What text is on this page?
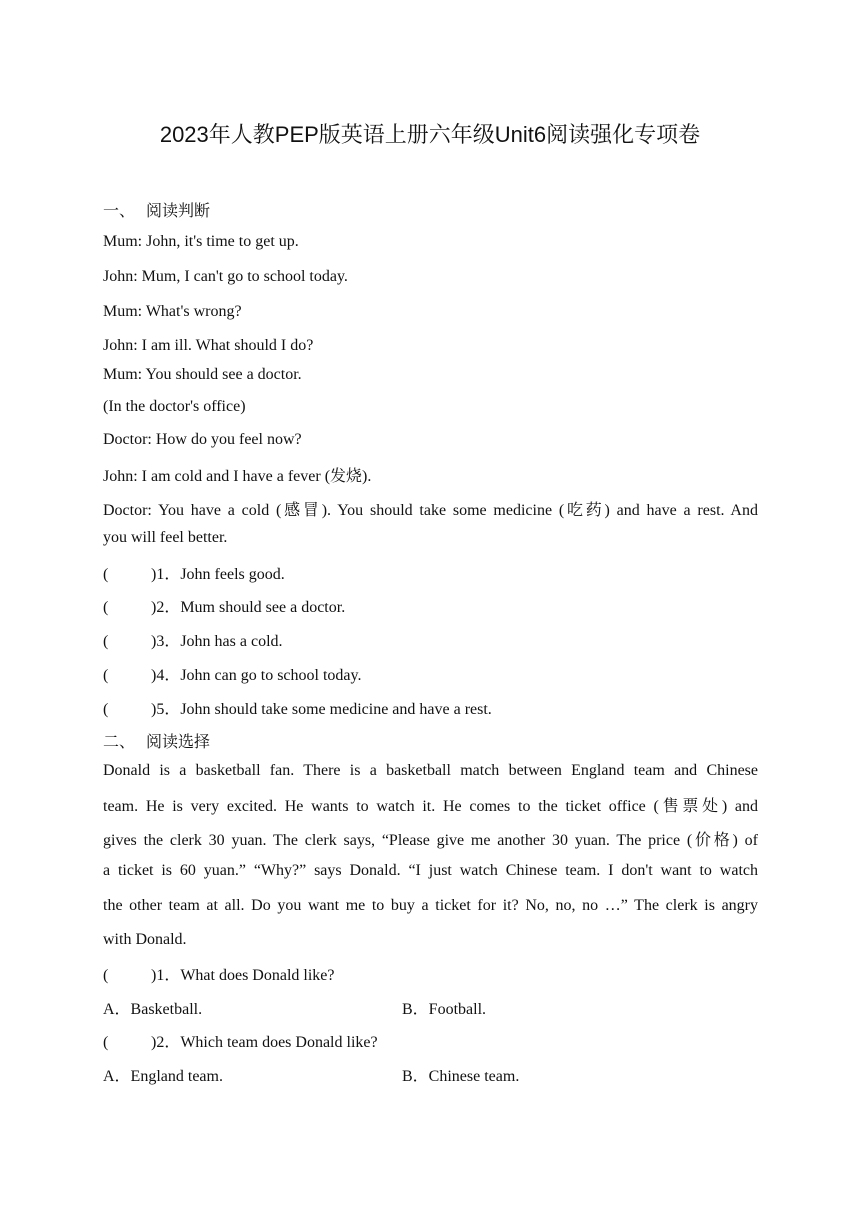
2023年人教PEP版英语上册六年级Unit6阅读强化专项卷
一、 阅读判断
Mum: John, it's time to get up.
John: Mum, I can't go to school today.
Mum: What's wrong?
John: I am ill. What should I do?
Mum: You should see a doctor.
(In the doctor's office)
Doctor: How do you feel now?
John: I am cold and I have a fever (发烧).
Doctor: You have a cold (感冒). You should take some medicine (吃药) and have a rest. And
you will feel better.
(	)1．John feels good.
(	)2．Mum should see a doctor.
(	)3．John has a cold.
(	)4．John can go to school today.
(	)5．John should take some medicine and have a rest.
二、 阅读选择
Donald is a basketball fan. There is a basketball match between England team and Chinese
team. He is very excited. He wants to watch it. He comes to the ticket office (售票处) and
gives the clerk 30 yuan. The clerk says, “Please give me another 30 yuan. The price (价格) of
a ticket is 60 yuan.” “Why?” says Donald. “I just watch Chinese team. I don't want to watch
the other team at all. Do you want me to buy a ticket for it? No, no, no …” The clerk is angry
with Donald.
(	)1．What does Donald like?
A．Basketball.	B．Football.
(	)2．Which team does Donald like?
A．England team.	B．Chinese team.
